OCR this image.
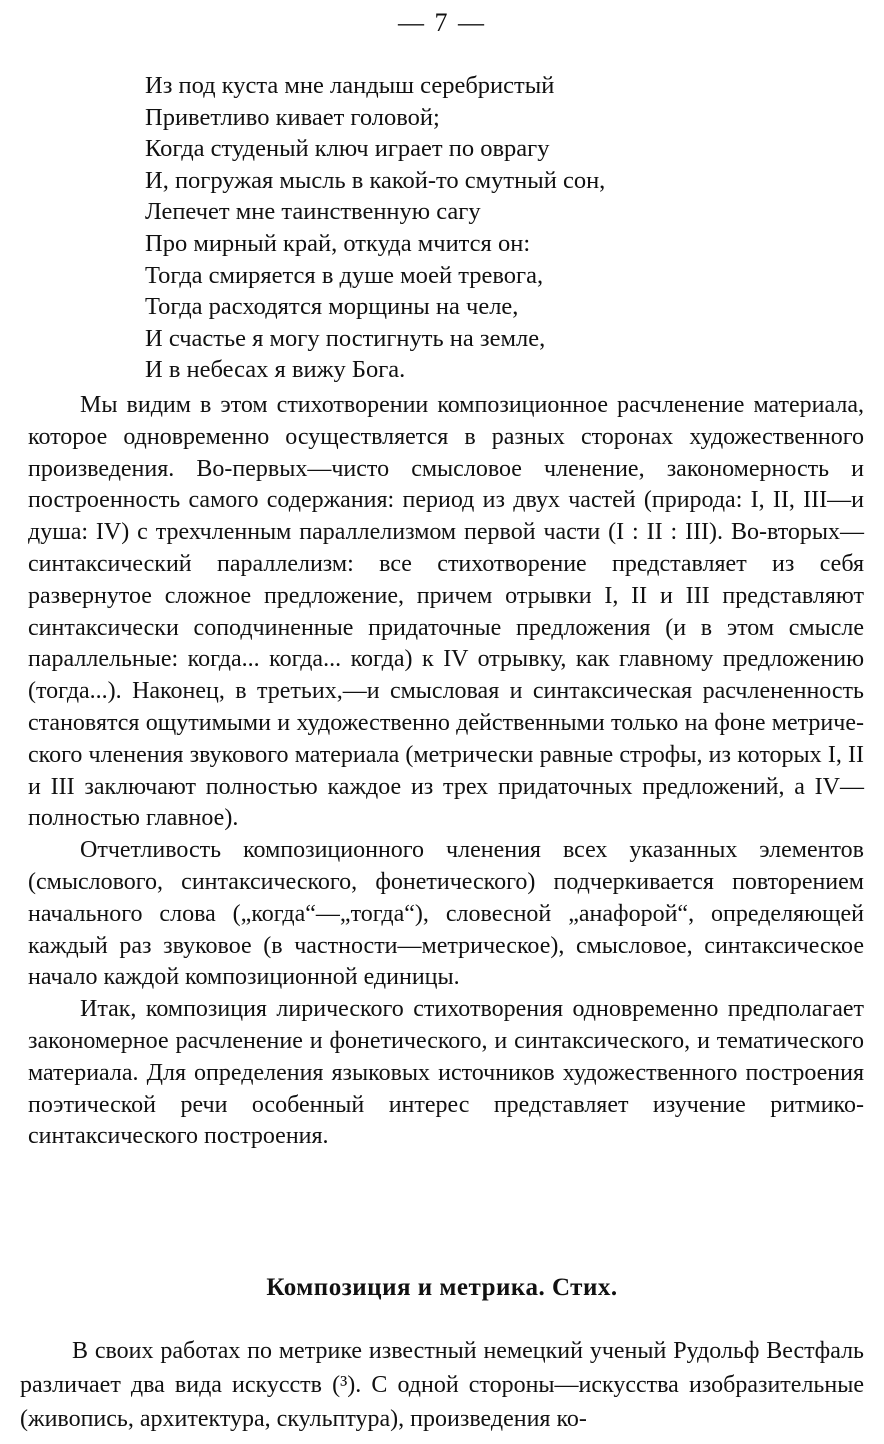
— 7 —
Из под куста мне ландыш серебристый
Приветливо кивает головой;
Когда студеный ключ играет по оврагу
И, погружая мысль в какой-то смутный сон,
Лепечет мне таинственную сагу
Про мирный край, откуда мчится он:
Тогда смиряется в душе моей тревога,
Тогда расходятся морщины на челе,
И счастье я могу постигнуть на земле,
И в небесах я вижу Бога.

Мы видим в этом стихотворении композиционное расчленение материала, которое одновременно осуществляется в разных сторонах художественного произведения. Во-первых—чисто смысловое членение, закономерность и построенность самого содержания: период из двух частей (природа: I, II, III—и душа: IV) с трехчленным параллелизмом первой части (I : II : III). Во-вторых—синтаксический параллелизм: все стихотворение представляет из себя развернутое сложное предложение, причем отрывки I, II и III представляют синтаксически соподчиненные придаточные предложения (и в этом смысле параллельные: когда... когда... когда) к IV отрывку, как главному предложению (тогда...). Наконец, в третьих,—и смысловая и синтаксическая расчлененность становятся ощутимыми и художественно действенными только на фоне метрического членения звукового материала (метрически равные строфы, из которых I, II и III заключают полностью каждое из трех придаточных предложений, а IV—полностью главное).

Отчетливость композиционного членения всех указанных элементов (смыслового, синтаксического, фонетического) подчеркивается повторением начального слова („когда“—„тогда“), словесной „анафорой“, определяющей каждый раз звуковое (в частности—метрическое), смысловое, синтаксическое начало каждой композиционной единицы.

Итак, композиция лирического стихотворения одновременно предполагает закономерное расчленение и фонетического, и синтаксического, и тематического материала. Для определения языковых источников художественного построения поэтической речи особенный интерес представляет изучение ритмико-синтаксического построения.

Композиция и метрика. Стих.

В своих работах по метрике известный немецкий ученый Рудольф Вестфаль различает два вида искусств (³). С одной стороны—искусства изобразительные (живопись, архитектура, скульптура), произведения ко-
